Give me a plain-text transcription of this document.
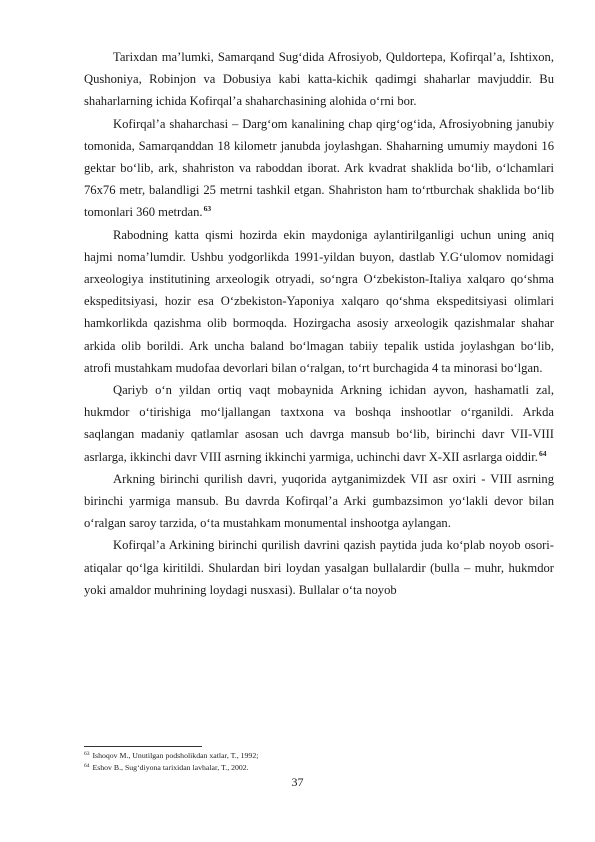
Tarixdan ma’lumki, Samarqand Sug‘dida Afrosiyob, Quldortepa, Kofirqal’a, Ishtixon, Qushoniya, Robinjon va Dobusiya kabi katta-kichik qadimgi shaharlar mavjuddir. Bu shaharlarning ichida Kofirqal’a shaharchasining alohida o‘rni bor.

Kofirqal’a shaharchasi – Darg‘om kanalining chap qirg‘og‘ida, Afrosiyobning janubiy tomonida, Samarqanddan 18 kilometr janubda joylashgan. Shaharning umumiy maydoni 16 gektar bo‘lib, ark, shahriston va raboddan iborat. Ark kvadrat shaklida bo‘lib, o‘lchamlari 76x76 metr, balandligi 25 metrni tashkil etgan. Shahriston ham to‘rtburchak shaklida bo‘lib tomonlari 360 metrdan.$^{63}$

Rabodning katta qismi hozirda ekin maydoniga aylantirilganligi uchun uning aniq hajmi noma’lumdir. Ushbu yodgorlikda 1991-yildan buyon, dastlab Y.G‘ulomov nomidagi arxeologiya institutining arxeologik otryadi, so‘ngra O‘zbekiston-Italiya xalqaro qo‘shma ekspeditsiyasi, hozir esa O‘zbekiston-Yaponiya xalqaro qo‘shma ekspeditsiyasi olimlari hamkorlikda qazishma olib bormoqda. Hozirgacha asosiy arxeologik qazishmalar shahar arkida olib borildi. Ark uncha baland bo‘lmagan tabiiy tepalik ustida joylashgan bo‘lib, atrofi mustahkam mudofaa devorlari bilan o‘ralgan, to‘rt burchagida 4 ta minorasi bo‘lgan.

Qariyb o‘n yildan ortiq vaqt mobaynida Arkning ichidan ayvon, hashamatli zal, hukmdor o‘tirishiga mo‘ljallangan taxtxona va boshqa inshootlar o‘rganildi. Arkda saqlangan madaniy qatlamlar asosan uch davrga mansub bo‘lib, birinchi davr VII-VIII asrlarga, ikkinchi davr VIII asrning ikkinchi yarmiga, uchinchi davr X-XII asrlarga oiddir.$^{64}$

Arkning birinchi qurilish davri, yuqorida aytganimizdek VII asr oxiri - VIII asrning birinchi yarmiga mansub. Bu davrda Kofirqal’a Arki gumbazsimon yo‘lakli devor bilan o‘ralgan saroy tarzida, o‘ta mustahkam monumental inshootga aylangan.

Kofirqal’a Arkining birinchi qurilish davrini qazish paytida juda ko‘plab noyob osori-atiqalar qo‘lga kiritildi. Shulardan biri loydan yasalgan bullalardir (bulla – muhr, hukmdor yoki amaldor muhrining loydagi nusxasi). Bullalar o‘ta noyob

$^{63}$ Ishoqov M., Unutilgan podsholikdan xatlar, T., 1992;
$^{64}$ Eshov B., Sug‘diyona tarixidan lavhalar, T., 2002.
37
